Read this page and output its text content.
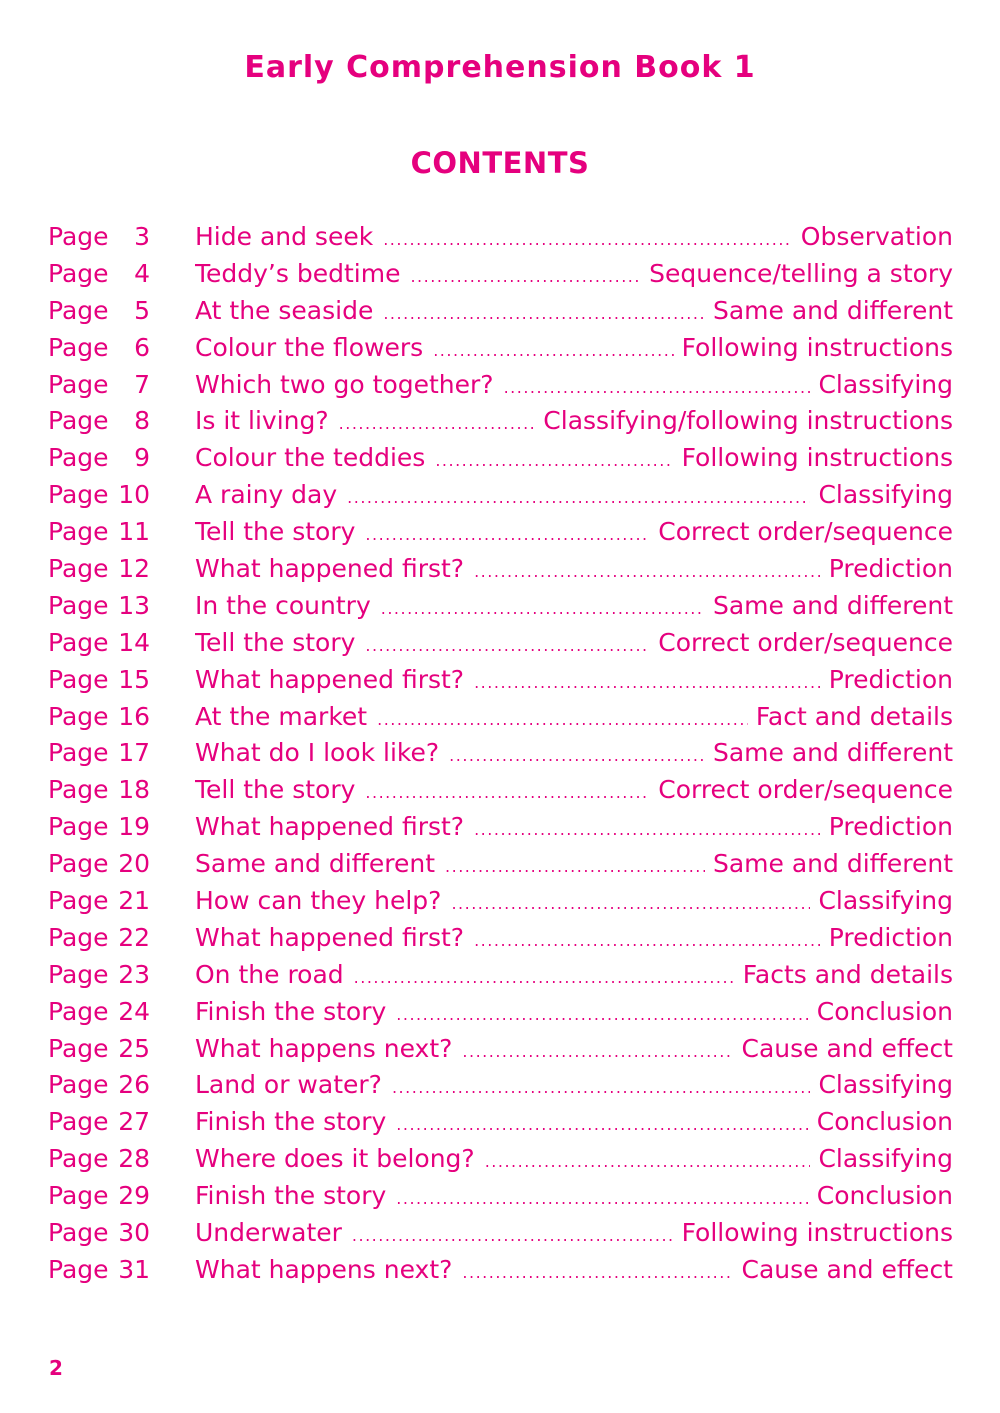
Early Comprehension Book 1
CONTENTS
Page	3 Hide and seek .....	Observation
Page	4 Teddy’s bedtime .....	Sequence/telling a story
Page	5 At the seaside .....	Same and different
Page	6 Colour the flowers .....	Following instructions
Page	7 Which two go together? .....	Classifying
Page	8 Is it living? .....	Classifying/following instructions
Page	9 Colour the teddies .....	Following instructions
Page 10 A rainy day .....	Classifying
Page 11 Tell the story .....	Correct order/sequence
Page 12 What happened first? .....	Prediction
Page 13 In the country .....	Same and different
Page 14 Tell the story .....	Correct order/sequence
Page 15 What happened first? .....	Prediction
Page 16 At the market .....	Fact and details
Page 17 What do I look like? .....	Same and different
Page 18 Tell the story .....	Correct order/sequence
Page 19 What happened first? .....	Prediction
Page 20 Same and different .....	Same and different
Page 21 How can they help? .....	Classifying
Page 22 What happened first? .....	Prediction
Page 23 On the road .....	Facts and details
Page 24 Finish the story .....	Conclusion
Page 25 What happens next? .....	Cause and effect
Page 26 Land or water? .....	Classifying
Page 27 Finish the story .....	Conclusion
Page 28 Where does it belong? .....	Classifying
Page 29 Finish the story .....	Conclusion
Page 30 Underwater .....	Following instructions
Page 31 What happens next? .....	Cause and effect
2
